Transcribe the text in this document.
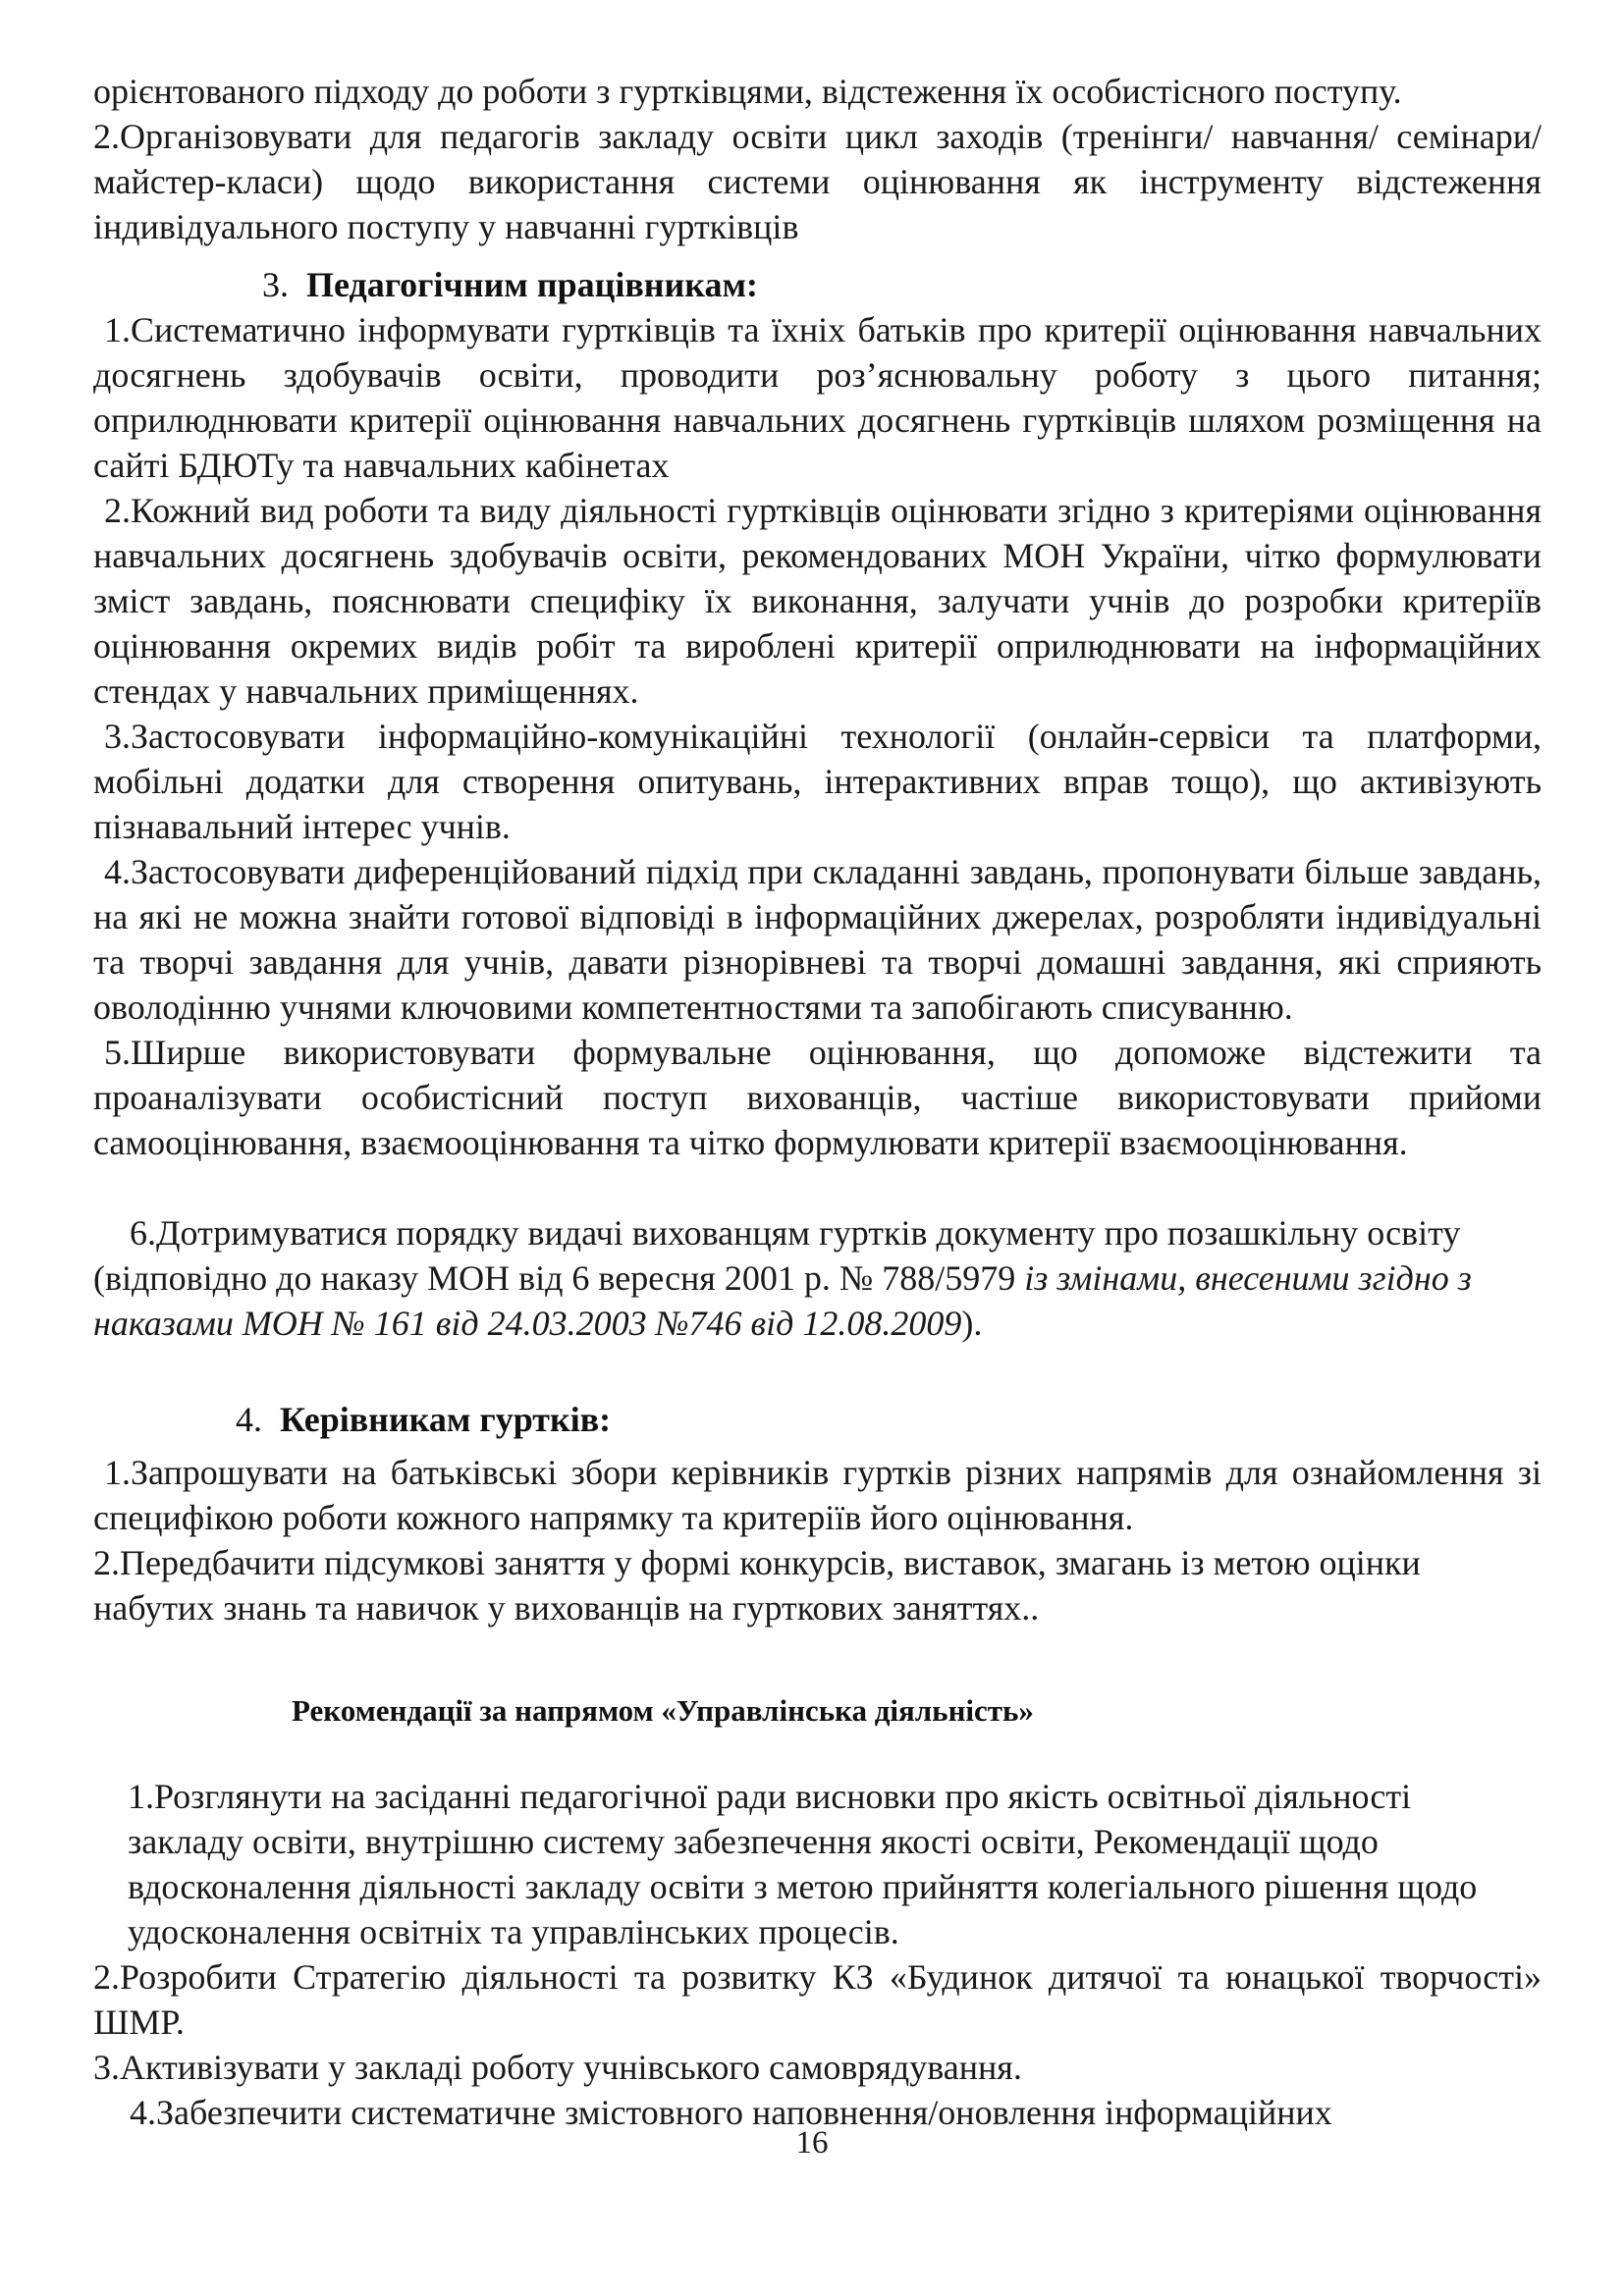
орієнтованого підходу до роботи з гуртківцями, відстеження їх особистісного поступу.

2.Організовувати для педагогів закладу освіти цикл заходів (тренінги/ навчання/ семінари/ майстер-класи) щодо використання системи оцінювання як інструменту відстеження індивідуального поступу у навчанні гуртківців

3. Педагогічним працівникам:

1.Систематично інформувати гуртківців та їхніх батьків про критерії оцінювання навчальних досягнень здобувачів освіти, проводити роз’яснювальну роботу з цього питання; оприлюднювати критерії оцінювання навчальних досягнень гуртківців шляхом розміщення на сайті БДЮТу та навчальних кабінетах

2.Кожний вид роботи та виду діяльності гуртківців оцінювати згідно з критеріями оцінювання навчальних досягнень здобувачів освіти, рекомендованих МОН України, чітко формулювати зміст завдань, пояснювати специфіку їх виконання, залучати учнів до розробки критеріїв оцінювання окремих видів робіт та вироблені критерії оприлюднювати на інформаційних стендах у навчальних приміщеннях.

3.Застосовувати інформаційно-комунікаційні технології (онлайн-сервіси та платформи, мобільні додатки для створення опитувань, інтерактивних вправ тощо), що активізують пізнавальний інтерес учнів.

4.Застосовувати диференційований підхід при складанні завдань, пропонувати більше завдань, на які не можна знайти готової відповіді в інформаційних джерелах, розробляти індивідуальні та творчі завдання для учнів, давати різнорівневі та творчі домашні завдання, які сприяють оволодінню учнями ключовими компетентностями та запобігають списуванню.

5.Ширше використовувати формувальне оцінювання, що допоможе відстежити та проаналізувати особистісний поступ вихованців, частіше використовувати прийоми самооцінювання, взаємооцінювання та чітко формулювати критерії взаємооцінювання.

6.Дотримуватися порядку видачі вихованцям гуртків документу про позашкільну освіту (відповідно до наказу МОН від 6 вересня 2001 р. № 788/5979 із змінами, внесеними згідно з наказами МОН № 161 від 24.03.2003 №746 від 12.08.2009).

4. Керівникам гуртків:

1.Запрошувати на батьківські збори керівників гуртків різних напрямів для ознайомлення зі специфікою роботи кожного напрямку та критеріїв його оцінювання.

2.Передбачити підсумкові заняття у формі конкурсів, виставок, змагань із метою оцінки набутих знань та навичок у вихованців на гурткових заняттях..

Рекомендації за напрямом «Управлінська діяльність»

1.Розглянути на засіданні педагогічної ради висновки про якість освітньої діяльності закладу освіти, внутрішню систему забезпечення якості освіти, Рекомендації щодо вдосконалення діяльності закладу освіти з метою прийняття колегіального рішення щодо удосконалення освітніх та управлінських процесів.

2.Розробити Стратегію діяльності та розвитку КЗ «Будинок дитячої та юнацької творчості» ШМР.

3.Активізувати у закладі роботу учнівського самоврядування.

4.Забезпечити систематичне змістовного наповнення/оновлення інформаційних

16
